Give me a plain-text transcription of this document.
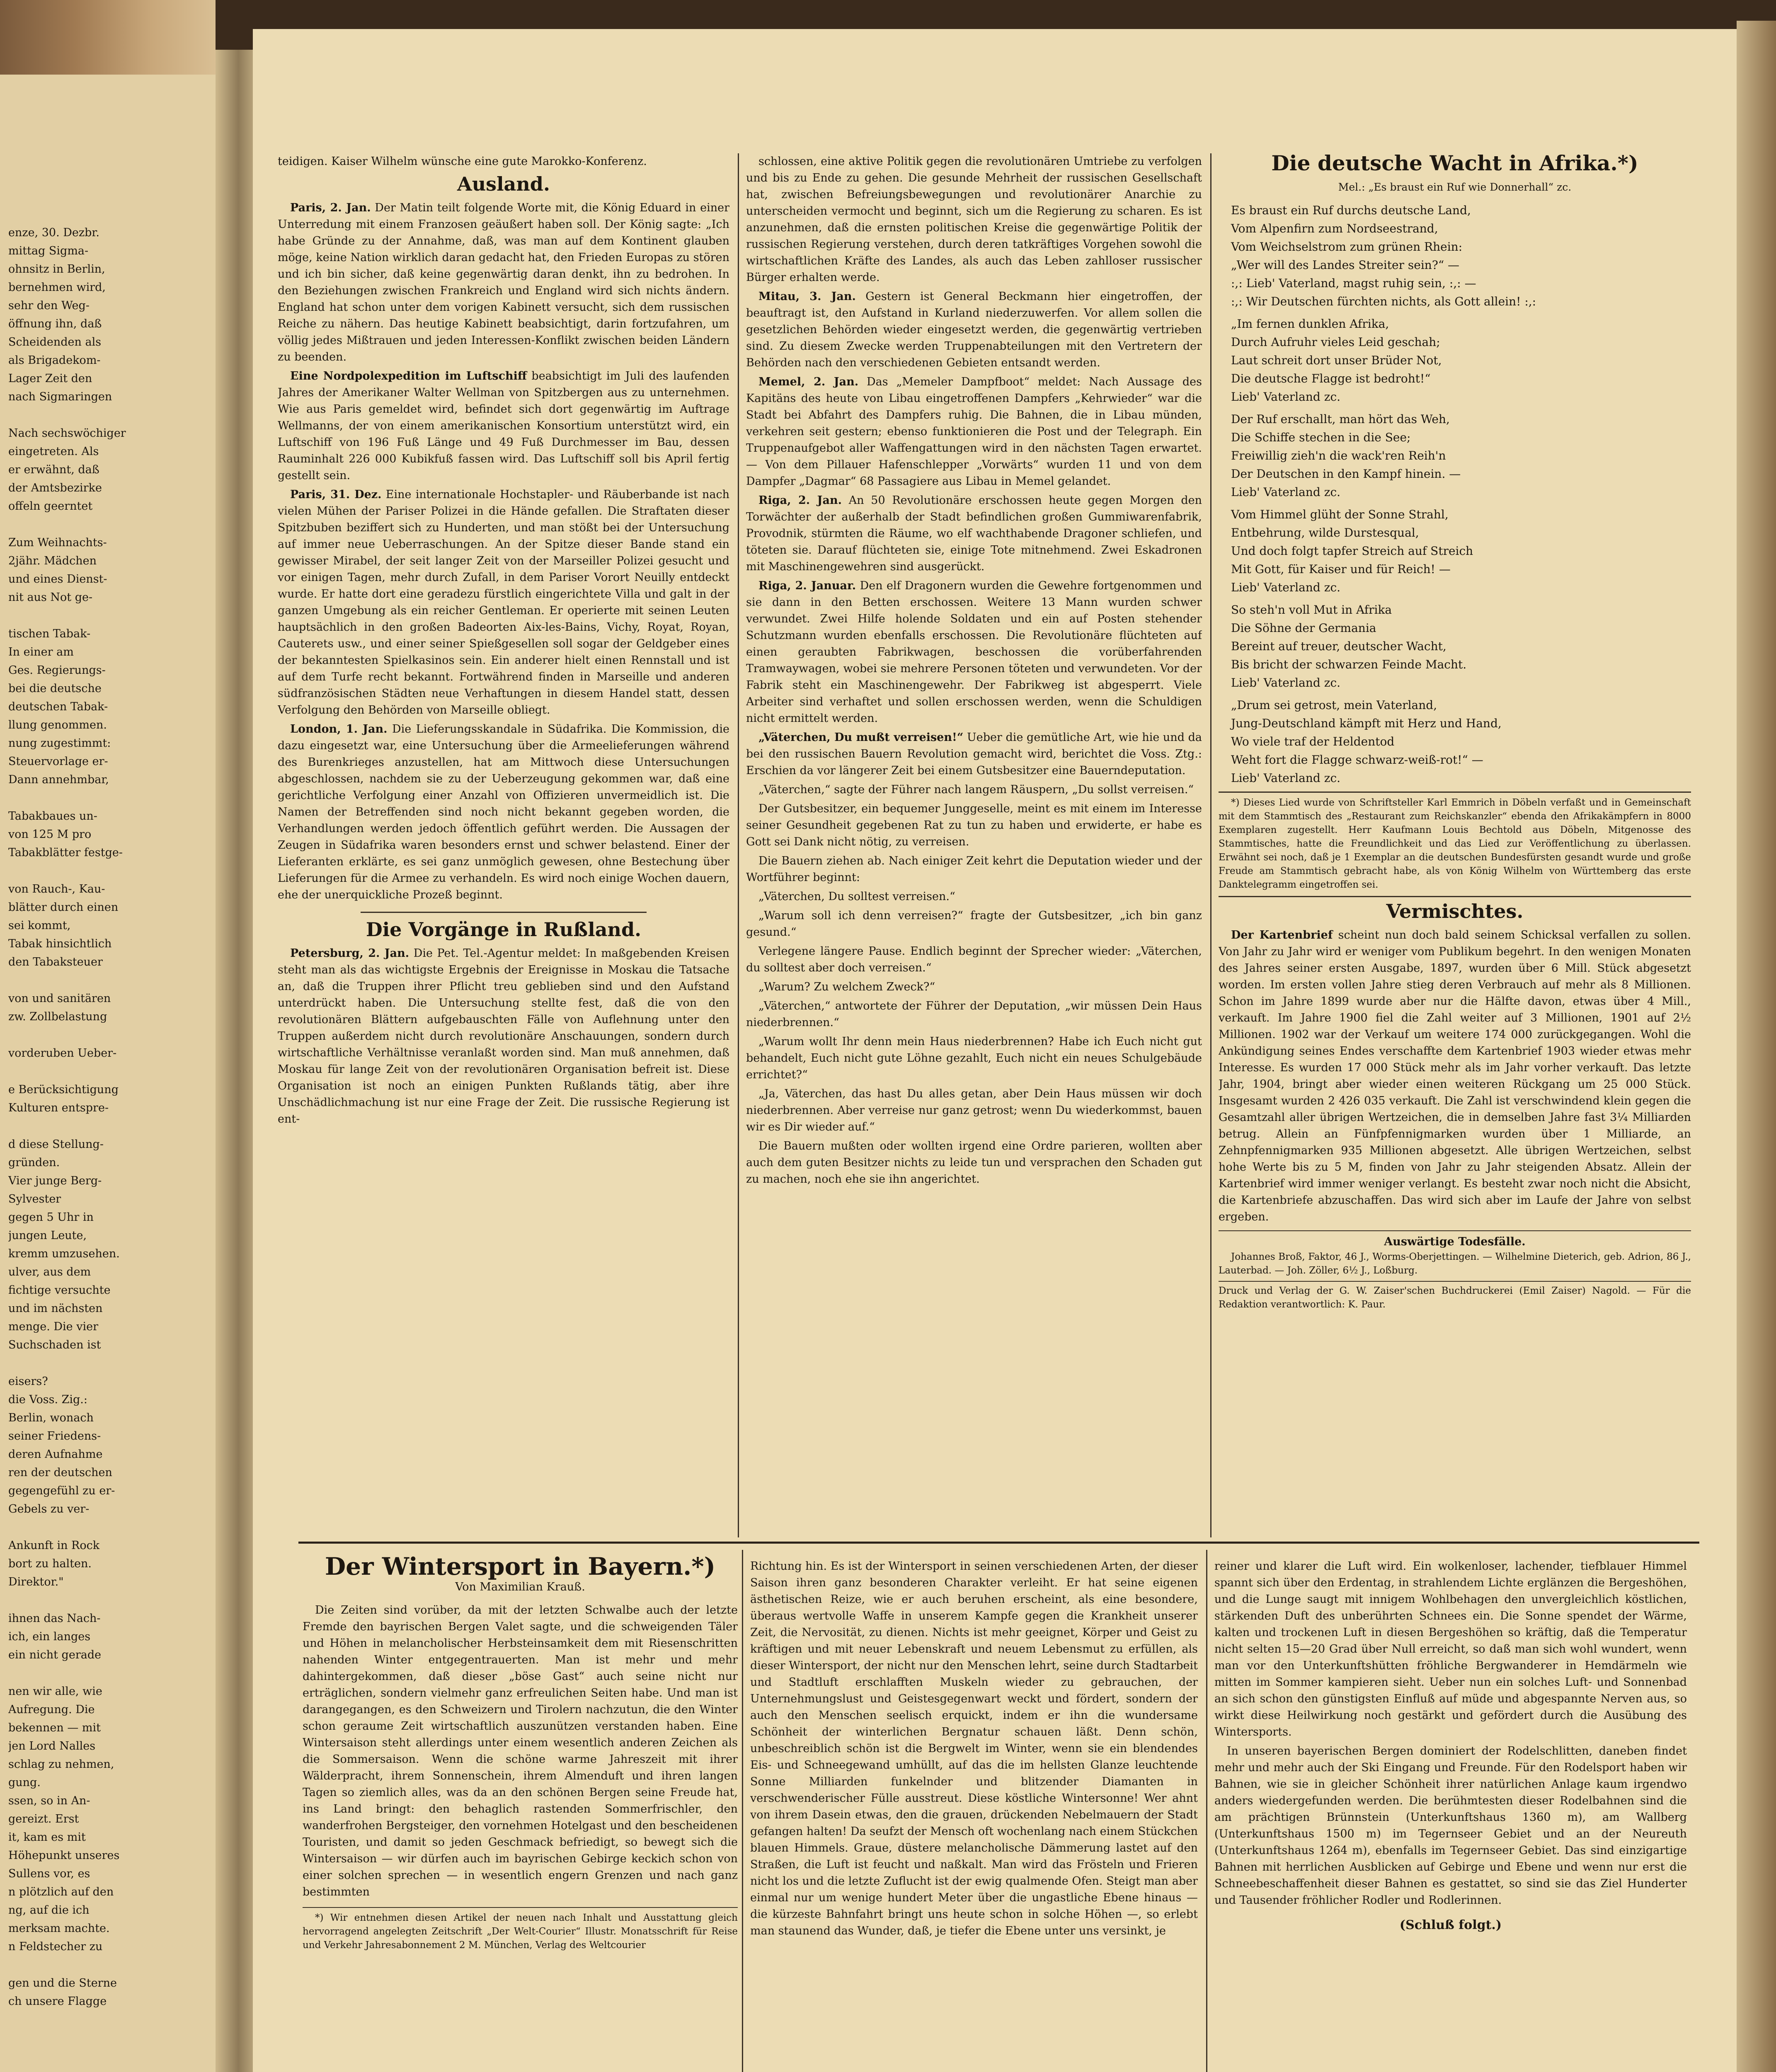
enze, 30. Dezbr.
mittag Sigma-
ohnsitz in Berlin,
bernehmen wird,
sehr den Weg-
öffnung ihn, daß
Scheidenden als
als Brigadekom-
Lager Zeit den
nach Sigmaringen

Nach sechswöchiger
eingetreten. Als
er erwähnt, daß
der Amtsbezirke
offeln geerntet

Zum Weihnachts-
2jähr. Mädchen
und eines Dienst-
nit aus Not ge-

tischen Tabak-
In einer am
Ges. Regierungs-
bei die deutsche
deutschen Tabak-
llung genommen.
nung zugestimmt:
Steuervorlage er-
Dann annehmbar,

Tabakbaues un-
von 125 M pro
Tabakblätter festge-

von Rauch-, Kau-
blätter durch einen
sei kommt,
Tabak hinsichtlich
den Tabaksteuer

von und sanitären
zw. Zollbelastung

vorderuben Ueber-

e Berücksichtigung
Kulturen entspre-

d diese Stellung-
gründen.
Vier junge Berg-
Sylvester
gegen 5 Uhr in
jungen Leute,
kremm umzusehen.
ulver, aus dem
fichtige versuchte
und im nächsten
menge. Die vier
Suchschaden ist

eisers?
die Voss. Zig.:
Berlin, wonach
seiner Friedens-
deren Aufnahme
ren der deutschen
gegengefühl zu er-
Gebels zu ver-

Ankunft in Rock
bort zu halten.
Direktor."

ihnen das Nach-
ich, ein langes
ein nicht gerade

nen wir alle, wie
Aufregung. Die
bekennen — mit
jen Lord Nalles
schlag zu nehmen,
gung.
ssen, so in An-
gereizt. Erst
it, kam es mit
Höhepunkt unseres
Sullens vor, es
n plötzlich auf den
ng, auf die ich
merksam machte.
n Feldstecher zu

gen und die Sterne
ch unsere Flagge

teidigen. Kaiser Wilhelm wünsche eine gute Marokko-Konferenz.

Ausland.

Paris, 2. Jan. Der Matin teilt folgende Worte mit, die König Eduard in einer Unterredung mit einem Franzosen geäußert haben soll. Der König sagte: „Ich habe Gründe zu der Annahme, daß, was man auf dem Kontinent glauben möge, keine Nation wirklich daran gedacht hat, den Frieden Europas zu stören und ich bin sicher, daß keine gegenwärtig daran denkt, ihn zu bedrohen. In den Beziehungen zwischen Frankreich und England wird sich nichts ändern. England hat schon unter dem vorigen Kabinett versucht, sich dem russischen Reiche zu nähern. Das heutige Kabinett beabsichtigt, darin fortzufahren, um völlig jedes Mißtrauen und jeden Interessen-Konflikt zwischen beiden Ländern zu beenden.

Eine Nordpolexpedition im Luftschiff beabsichtigt im Juli des laufenden Jahres der Amerikaner Walter Wellman von Spitzbergen aus zu unternehmen. Wie aus Paris gemeldet wird, befindet sich dort gegenwärtig im Auftrage Wellmanns, der von einem amerikanischen Konsortium unterstützt wird, ein Luftschiff von 196 Fuß Länge und 49 Fuß Durchmesser im Bau, dessen Rauminhalt 226 000 Kubikfuß fassen wird. Das Luftschiff soll bis April fertig gestellt sein.

Paris, 31. Dez. Eine internationale Hochstapler- und Räuberbande ist nach vielen Mühen der Pariser Polizei in die Hände gefallen. Die Straftaten dieser Spitzbuben beziffert sich zu Hunderten, und man stößt bei der Untersuchung auf immer neue Ueberraschungen. An der Spitze dieser Bande stand ein gewisser Mirabel, der seit langer Zeit von der Marseiller Polizei gesucht und vor einigen Tagen, mehr durch Zufall, in dem Pariser Vorort Neuilly entdeckt wurde. Er hatte dort eine geradezu fürstlich eingerichtete Villa und galt in der ganzen Umgebung als ein reicher Gentleman. Er operierte mit seinen Leuten hauptsächlich in den großen Badeorten Aix-les-Bains, Vichy, Royat, Royan, Cauterets usw., und einer seiner Spießgesellen soll sogar der Geldgeber eines der bekanntesten Spielkasinos sein. Ein anderer hielt einen Rennstall und ist auf dem Turfe recht bekannt. Fortwährend finden in Marseille und anderen südfranzösischen Städten neue Verhaftungen in diesem Handel statt, dessen Verfolgung den Behörden von Marseille obliegt.

London, 1. Jan. Die Lieferungsskandale in Südafrika. Die Kommission, die dazu eingesetzt war, eine Untersuchung über die Armeelieferungen während des Burenkrieges anzustellen, hat am Mittwoch diese Untersuchungen abgeschlossen, nachdem sie zu der Ueberzeugung gekommen war, daß eine gerichtliche Verfolgung einer Anzahl von Offizieren unvermeidlich ist. Die Namen der Betreffenden sind noch nicht bekannt gegeben worden, die Verhandlungen werden jedoch öffentlich geführt werden. Die Aussagen der Zeugen in Südafrika waren besonders ernst und schwer belastend. Einer der Lieferanten erklärte, es sei ganz unmöglich gewesen, ohne Bestechung über Lieferungen für die Armee zu verhandeln. Es wird noch einige Wochen dauern, ehe der unerquickliche Prozeß beginnt.

Die Vorgänge in Rußland.

Petersburg, 2. Jan. Die Pet. Tel.-Agentur meldet: In maßgebenden Kreisen steht man als das wichtigste Ergebnis der Ereignisse in Moskau die Tatsache an, daß die Truppen ihrer Pflicht treu geblieben sind und den Aufstand unterdrückt haben. Die Untersuchung stellte fest, daß die von den revolutionären Blättern aufgebauschten Fälle von Auflehnung unter den Truppen außerdem nicht durch revolutionäre Anschauungen, sondern durch wirtschaftliche Verhältnisse veranlaßt worden sind. Man muß annehmen, daß Moskau für lange Zeit von der revolutionären Organisation befreit ist. Diese Organisation ist noch an einigen Punkten Rußlands tätig, aber ihre Unschädlichmachung ist nur eine Frage der Zeit. Die russische Regierung ist ent-

schlossen, eine aktive Politik gegen die revolutionären Umtriebe zu verfolgen und bis zu Ende zu gehen. Die gesunde Mehrheit der russischen Gesellschaft hat, zwischen Befreiungsbewegungen und revolutionärer Anarchie zu unterscheiden vermocht und beginnt, sich um die Regierung zu scharen. Es ist anzunehmen, daß die ernsten politischen Kreise die gegenwärtige Politik der russischen Regierung verstehen, durch deren tatkräftiges Vorgehen sowohl die wirtschaftlichen Kräfte des Landes, als auch das Leben zahlloser russischer Bürger erhalten werde.

Mitau, 3. Jan. Gestern ist General Beckmann hier eingetroffen, der beauftragt ist, den Aufstand in Kurland niederzuwerfen. Vor allem sollen die gesetzlichen Behörden wieder eingesetzt werden, die gegenwärtig vertrieben sind. Zu diesem Zwecke werden Truppenabteilungen mit den Vertretern der Behörden nach den verschiedenen Gebieten entsandt werden.

Memel, 2. Jan. Das „Memeler Dampfboot“ meldet: Nach Aussage des Kapitäns des heute von Libau eingetroffenen Dampfers „Kehrwieder“ war die Stadt bei Abfahrt des Dampfers ruhig. Die Bahnen, die in Libau münden, verkehren seit gestern; ebenso funktionieren die Post und der Telegraph. Ein Truppenaufgebot aller Waffengattungen wird in den nächsten Tagen erwartet. — Von dem Pillauer Hafenschlepper „Vorwärts“ wurden 11 und von dem Dampfer „Dagmar“ 68 Passagiere aus Libau in Memel gelandet.

Riga, 2. Jan. An 50 Revolutionäre erschossen heute gegen Morgen den Torwächter der außerhalb der Stadt befindlichen großen Gummiwarenfabrik, Provodnik, stürmten die Räume, wo elf wachthabende Dragoner schliefen, und töteten sie. Darauf flüchteten sie, einige Tote mitnehmend. Zwei Eskadronen mit Maschinengewehren sind ausgerückt.

Riga, 2. Januar. Den elf Dragonern wurden die Gewehre fortgenommen und sie dann in den Betten erschossen. Weitere 13 Mann wurden schwer verwundet. Zwei Hilfe holende Soldaten und ein auf Posten stehender Schutzmann wurden ebenfalls erschossen. Die Revolutionäre flüchteten auf einen geraubten Fabrikwagen, beschossen die vorüberfahrenden Tramwaywagen, wobei sie mehrere Personen töteten und verwundeten. Vor der Fabrik steht ein Maschinengewehr. Der Fabrikweg ist abgesperrt. Viele Arbeiter sind verhaftet und sollen erschossen werden, wenn die Schuldigen nicht ermittelt werden.

„Väterchen, Du mußt verreisen!“ Ueber die gemütliche Art, wie hie und da bei den russischen Bauern Revolution gemacht wird, berichtet die Voss. Ztg.: Erschien da vor längerer Zeit bei einem Gutsbesitzer eine Bauerndeputation.

„Väterchen,“ sagte der Führer nach langem Räuspern, „Du sollst verreisen.“

Der Gutsbesitzer, ein bequemer Junggeselle, meint es mit einem im Interesse seiner Gesundheit gegebenen Rat zu tun zu haben und erwiderte, er habe es Gott sei Dank nicht nötig, zu verreisen.

Die Bauern ziehen ab. Nach einiger Zeit kehrt die Deputation wieder und der Wortführer beginnt:

„Väterchen, Du solltest verreisen.“

„Warum soll ich denn verreisen?“ fragte der Gutsbesitzer, „ich bin ganz gesund.“

Verlegene längere Pause. Endlich beginnt der Sprecher wieder: „Väterchen, du solltest aber doch verreisen.“

„Warum? Zu welchem Zweck?“

„Väterchen,“ antwortete der Führer der Deputation, „wir müssen Dein Haus niederbrennen.“

„Warum wollt Ihr denn mein Haus niederbrennen? Habe ich Euch nicht gut behandelt, Euch nicht gute Löhne gezahlt, Euch nicht ein neues Schulgebäude errichtet?“

„Ja, Väterchen, das hast Du alles getan, aber Dein Haus müssen wir doch niederbrennen. Aber verreise nur ganz getrost; wenn Du wiederkommst, bauen wir es Dir wieder auf.“

Die Bauern mußten oder wollten irgend eine Ordre parieren, wollten aber auch dem guten Besitzer nichts zu leide tun und versprachen den Schaden gut zu machen, noch ehe sie ihn angerichtet.

Die deutsche Wacht in Afrika.*)
Mel.: „Es braust ein Ruf wie Donnerhall“ zc.
Es braust ein Ruf durchs deutsche Land,
Vom Alpenfirn zum Nordseestrand,
Vom Weichselstrom zum grünen Rhein:
„Wer will des Landes Streiter sein?“ —
:,: Lieb' Vaterland, magst ruhig sein, :,: —
:,: Wir Deutschen fürchten nichts, als Gott allein! :,:
„Im fernen dunklen Afrika,
Durch Aufruhr vieles Leid geschah;
Laut schreit dort unser Brüder Not,
Die deutsche Flagge ist bedroht!“
Lieb' Vaterland zc.
Der Ruf erschallt, man hört das Weh,
Die Schiffe stechen in die See;
Freiwillig zieh'n die wack'ren Reih'n
Der Deutschen in den Kampf hinein. —
Lieb' Vaterland zc.
Vom Himmel glüht der Sonne Strahl,
Entbehrung, wilde Durstesqual,
Und doch folgt tapfer Streich auf Streich
Mit Gott, für Kaiser und für Reich! —
Lieb' Vaterland zc.
So steh'n voll Mut in Afrika
Die Söhne der Germania
Bereint auf treuer, deutscher Wacht,
Bis bricht der schwarzen Feinde Macht.
Lieb' Vaterland zc.
„Drum sei getrost, mein Vaterland,
Jung-Deutschland kämpft mit Herz und Hand,
Wo viele traf der Heldentod
Weht fort die Flagge schwarz-weiß-rot!“ —
Lieb' Vaterland zc.

*) Dieses Lied wurde von Schriftsteller Karl Emmrich in Döbeln verfaßt und in Gemeinschaft mit dem Stammtisch des „Restaurant zum Reichskanzler“ ebenda den Afrikakämpfern in 8000 Exemplaren zugestellt. Herr Kaufmann Louis Bechtold aus Döbeln, Mitgenosse des Stammtisches, hatte die Freundlichkeit und das Lied zur Veröffentlichung zu überlassen. Erwähnt sei noch, daß je 1 Exemplar an die deutschen Bundesfürsten gesandt wurde und große Freude am Stammtisch gebracht habe, als von König Wilhelm von Württemberg das erste Danktelegramm eingetroffen sei.

Vermischtes.

Der Kartenbrief scheint nun doch bald seinem Schicksal verfallen zu sollen. Von Jahr zu Jahr wird er weniger vom Publikum begehrt. In den wenigen Monaten des Jahres seiner ersten Ausgabe, 1897, wurden über 6 Mill. Stück abgesetzt worden. Im ersten vollen Jahre stieg deren Verbrauch auf mehr als 8 Millionen. Schon im Jahre 1899 wurde aber nur die Hälfte davon, etwas über 4 Mill., verkauft. Im Jahre 1900 fiel die Zahl weiter auf 3 Millionen, 1901 auf 2½ Millionen. 1902 war der Verkauf um weitere 174 000 zurückgegangen. Wohl die Ankündigung seines Endes verschaffte dem Kartenbrief 1903 wieder etwas mehr Interesse. Es wurden 17 000 Stück mehr als im Jahr vorher verkauft. Das letzte Jahr, 1904, bringt aber wieder einen weiteren Rückgang um 25 000 Stück. Insgesamt wurden 2 426 035 verkauft. Die Zahl ist verschwindend klein gegen die Gesamtzahl aller übrigen Wertzeichen, die in demselben Jahre fast 3¼ Milliarden betrug. Allein an Fünfpfennigmarken wurden über 1 Milliarde, an Zehnpfennigmarken 935 Millionen abgesetzt. Alle übrigen Wertzeichen, selbst hohe Werte bis zu 5 M, finden von Jahr zu Jahr steigenden Absatz. Allein der Kartenbrief wird immer weniger verlangt. Es besteht zwar noch nicht die Absicht, die Kartenbriefe abzuschaffen. Das wird sich aber im Laufe der Jahre von selbst ergeben.

Auswärtige Todesfälle.

Johannes Broß, Faktor, 46 J., Worms-Oberjettingen. — Wilhelmine Dieterich, geb. Adrion, 86 J., Lauterbad. — Joh. Zöller, 6½ J., Loßburg.

Druck und Verlag der G. W. Zaiser'schen Buchdruckerei (Emil Zaiser) Nagold. — Für die Redaktion verantwortlich: K. Paur.

Der Wintersport in Bayern.*)
Von Maximilian Krauß.

Die Zeiten sind vorüber, da mit der letzten Schwalbe auch der letzte Fremde den bayrischen Bergen Valet sagte, und die schweigenden Täler und Höhen in melancholischer Herbsteinsamkeit dem mit Riesenschritten nahenden Winter entgegentrauerten. Man ist mehr und mehr dahintergekommen, daß dieser „böse Gast“ auch seine nicht nur erträglichen, sondern vielmehr ganz erfreulichen Seiten habe. Und man ist darangegangen, es den Schweizern und Tirolern nachzutun, die den Winter schon geraume Zeit wirtschaftlich auszunützen verstanden haben. Eine Wintersaison steht allerdings unter einem wesentlich anderen Zeichen als die Sommersaison. Wenn die schöne warme Jahreszeit mit ihrer Wälderpracht, ihrem Sonnenschein, ihrem Almenduft und ihren langen Tagen so ziemlich alles, was da an den schönen Bergen seine Freude hat, ins Land bringt: den behaglich rastenden Sommerfrischler, den wanderfrohen Bergsteiger, den vornehmen Hotelgast und den bescheidenen Touristen, und damit so jeden Geschmack befriedigt, so bewegt sich die Wintersaison — wir dürfen auch im bayrischen Gebirge keckich schon von einer solchen sprechen — in wesentlich engern Grenzen und nach ganz bestimmten

*) Wir entnehmen diesen Artikel der neuen nach Inhalt und Ausstattung gleich hervorragend angelegten Zeitschrift „Der Welt-Courier“ Illustr. Monatsschrift für Reise und Verkehr Jahresabonnement 2 M. München, Verlag des Weltcourier

Richtung hin. Es ist der Wintersport in seinen verschiedenen Arten, der dieser Saison ihren ganz besonderen Charakter verleiht. Er hat seine eigenen ästhetischen Reize, wie er auch beruhen erscheint, als eine besondere, überaus wertvolle Waffe in unserem Kampfe gegen die Krankheit unserer Zeit, die Nervosität, zu dienen. Nichts ist mehr geeignet, Körper und Geist zu kräftigen und mit neuer Lebenskraft und neuem Lebensmut zu erfüllen, als dieser Wintersport, der nicht nur den Menschen lehrt, seine durch Stadtarbeit und Stadtluft erschlafften Muskeln wieder zu gebrauchen, der Unternehmungslust und Geistesgegenwart weckt und fördert, sondern der auch den Menschen seelisch erquickt, indem er ihn die wundersame Schönheit der winterlichen Bergnatur schauen läßt. Denn schön, unbeschreiblich schön ist die Bergwelt im Winter, wenn sie ein blendendes Eis- und Schneegewand umhüllt, auf das die im hellsten Glanze leuchtende Sonne Milliarden funkelnder und blitzender Diamanten in verschwenderischer Fülle ausstreut. Diese köstliche Wintersonne! Wer ahnt von ihrem Dasein etwas, den die grauen, drückenden Nebelmauern der Stadt gefangen halten! Da seufzt der Mensch oft wochenlang nach einem Stückchen blauen Himmels. Graue, düstere melancholische Dämmerung lastet auf den Straßen, die Luft ist feucht und naßkalt. Man wird das Frösteln und Frieren nicht los und die letzte Zuflucht ist der ewig qualmende Ofen. Steigt man aber einmal nur um wenige hundert Meter über die ungastliche Ebene hinaus — die kürzeste Bahnfahrt bringt uns heute schon in solche Höhen —, so erlebt man staunend das Wunder, daß, je tiefer die Ebene unter uns versinkt, je

reiner und klarer die Luft wird. Ein wolkenloser, lachender, tiefblauer Himmel spannt sich über den Erdentag, in strahlendem Lichte erglänzen die Bergeshöhen, und die Lunge saugt mit innigem Wohlbehagen den unvergleichlich köstlichen, stärkenden Duft des unberührten Schnees ein. Die Sonne spendet der Wärme, kalten und trockenen Luft in diesen Bergeshöhen so kräftig, daß die Temperatur nicht selten 15—20 Grad über Null erreicht, so daß man sich wohl wundert, wenn man vor den Unterkunftshütten fröhliche Bergwanderer in Hemdärmeln wie mitten im Sommer kampieren sieht. Ueber nun ein solches Luft- und Sonnenbad an sich schon den günstigsten Einfluß auf müde und abgespannte Nerven aus, so wirkt diese Heilwirkung noch gestärkt und gefördert durch die Ausübung des Wintersports.

In unseren bayerischen Bergen dominiert der Rodelschlitten, daneben findet mehr und mehr auch der Ski Eingang und Freunde. Für den Rodelsport haben wir Bahnen, wie sie in gleicher Schönheit ihrer natürlichen Anlage kaum irgendwo anders wiedergefunden werden. Die berühmtesten dieser Rodelbahnen sind die am prächtigen Brünnstein (Unterkunftshaus 1360 m), am Wallberg (Unterkunftshaus 1500 m) im Tegernseer Gebiet und an der Neureuth (Unterkunftshaus 1264 m), ebenfalls im Tegernseer Gebiet. Das sind einzigartige Bahnen mit herrlichen Ausblicken auf Gebirge und Ebene und wenn nur erst die Schneebeschaffenheit dieser Bahnen es gestattet, so sind sie das Ziel Hunderter und Tausender fröhlicher Rodler und Rodlerinnen.

(Schluß folgt.)
